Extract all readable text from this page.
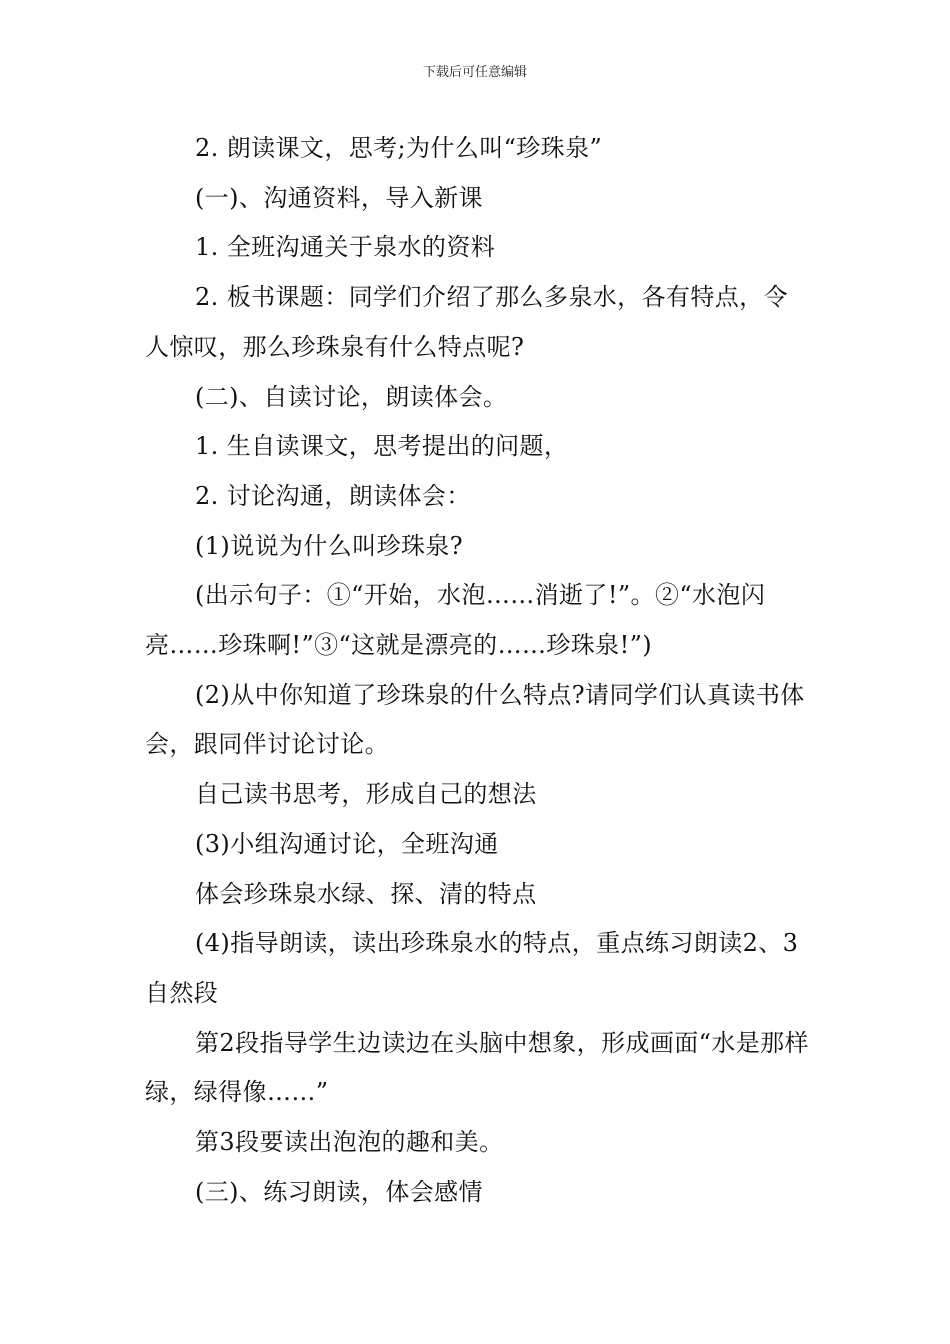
下载后可任意编辑

2. 朗读课文，思考;为什么叫“珍珠泉”

(一)、沟通资料，导入新课

1. 全班沟通关于泉水的资料

2. 板书课题：同学们介绍了那么多泉水，各有特点，令人惊叹，那么珍珠泉有什么特点呢?

(二)、自读讨论，朗读体会。

1. 生自读课文，思考提出的问题，

2. 讨论沟通，朗读体会：

(1)说说为什么叫珍珠泉?

(出示句子：①“开始，水泡……消逝了!”。②“水泡闪亮……珍珠啊!”③“这就是漂亮的……珍珠泉!”)

(2)从中你知道了珍珠泉的什么特点?请同学们认真读书体会，跟同伴讨论讨论。

自己读书思考，形成自己的想法

(3)小组沟通讨论，全班沟通

体会珍珠泉水绿、探、清的特点

(4)指导朗读，读出珍珠泉水的特点，重点练习朗读2、3自然段

第2段指导学生边读边在头脑中想象，形成画面“水是那样绿，绿得像……”

第3段要读出泡泡的趣和美。

(三)、练习朗读，体会感情
